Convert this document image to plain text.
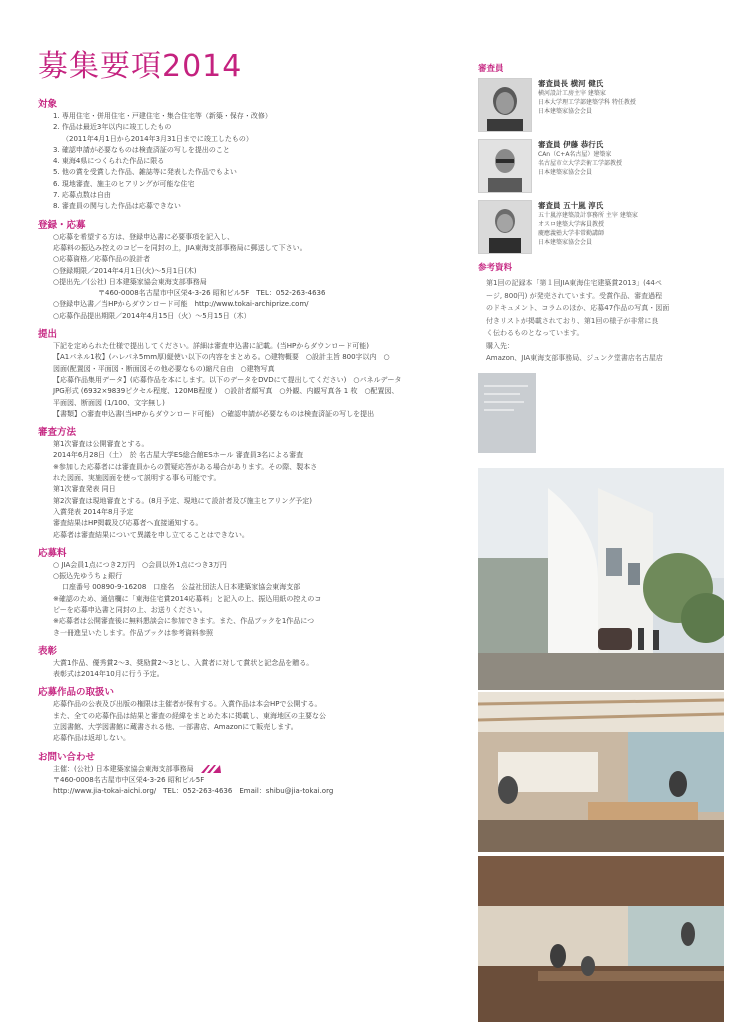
募集要項2014
対象
1. 専用住宅・併用住宅・戸建住宅・集合住宅等（新築・保存・改修）
2. 作品は最近3年以内に竣工したもの
（2011年4月1日から2014年3月31日までに竣工したもの）
3. 確認申請が必要なものは検査済証の写しを提出のこと
4. 東海4県につくられた作品に限る
5. 他の賞を受賞した作品、雑誌等に発表した作品でもよい
6. 現地審査、施主のヒアリングが可能な住宅
7. 応募点数は自由
8. 審査員の関与した作品は応募できない
登録・応募
○応募を希望する方は、登録申込書に必要事項を記入し、
応募料の振込み控えのコピーを同封の上，JIA東海支部事務局に郵送して下さい。
○応募資格／応募作品の設計者
○登録期限／2014年4月1日(火)～5月1日(木)
○提出先／(公社) 日本建築家協会東海支部事務局
〒460-0008名古屋市中区栄4-3-26 昭和ビル5F　TEL：052-263-4636
○登録申込書／当HPからダウンロード可能　http://www.tokai-archiprize.com/
○応募作品提出期限／2014年4月15日（火）～5月15日（木）
提出
下記を定められた仕様で提出してください。詳細は審査申込書に記載。(当HPからダウンロード可能)
【A1パネル1枚】(ハレパネ5mm厚)縦使い以下の内容をまとめる。○建物概要　○設計主旨 800字以内　○
図面(配置図・平面図・断面図その他必要なもの)縮尺自由　○建物写真
【応募作品集用データ】(応募作品を本にします。以下のデータをDVDにて提出してください)　○パネルデータ
JPG形式 (6932×9839ピクセル程度、120MB程度 )　○設計者顔写真　○外観、内観写真各 1 枚　○配置図、
平面図、断面図 (1/100、文字無し)
【書類】○審査申込書(当HPからダウンロード可能)　○確認申請が必要なものは検査済証の写しを提出
審査方法
第1次審査は公開審査とする。
2014年6月28日（土）　於 名古屋大学ES総合館ESホール 審査員3名による審査
※参加した応募者には審査員からの質疑応答がある場合があります。その際、製本さ
れた図面、実施図面を使って説明する事も可能です。
第1次審査発表 同日
第2次審査は現地審査とする。(8月予定、現地にて設計者及び施主ヒアリング予定)
入賞発表 2014年8月予定
審査結果はHP掲載及び応募者へ直接通知する。
応募者は審査結果について異議を申し立てることはできない。
応募料
○ JIA会員1点につき2万円　○会員以外1点につき3万円
○振込先ゆうちょ銀行
口座番号 00890-9-16208　口座名　公益社団法人日本建築家協会東海支部
※確認のため、通信欄に「東海住宅賞2014応募料」と記入の上、振込用紙の控えのコ
ピーを応募申込書と同封の上、お送りください。
※応募者は公開審査後に無料懇談会に参加できます。また、作品ブックを1作品につ
き一冊進呈いたします。作品ブックは参考資料参照
表彰
大賞1作品、優秀賞2～3、奨励賞2～3とし、入賞者に対して賞状と記念品を贈る。
表彰式は2014年10月に行う予定。
応募作品の取扱い
応募作品の公表及び出版の権限は主催者が保有する。入賞作品は本会HPで公開する。
また、全ての応募作品は結果と審査の経緯をまとめた本に掲載し、東海地区の主要な公
立図書館、大学図書館に蔵書される他、一部書店、Amazonにて販売します。
応募作品は返却しない。
お問い合わせ
主催：(公社) 日本建築家協会東海支部事務局
〒460-0008名古屋市中区栄4-3-26 昭和ビル5F
http://www.jia-tokai-aichi.org/　TEL：052-263-4636　Email：shibu@jia-tokai.org
審査員
審査員長 横河 健氏
横河設計工房主宰 建築家
日本大学理工学部建築学科 特任教授
日本建築家協会会員
審査員 伊藤 恭行氏
CAn（C+A名古屋）建築家
名古屋市立大学芸術工学部教授
日本建築家協会会員
審査員 五十嵐 淳氏
五十嵐淳建築設計事務所 主宰 建築家
オスロ建築大学客員教授
慶應義塾大学非常勤講師
日本建築家協会会員
参考資料
第1回の記録本「第１回JIA東海住宅建築賞2013」(44ペ
ージ, 800円) が発売されています。受賞作品、審査過程
のドキュメント、コラムのほか、応募47作品の写真・図面
付きリストが掲載されており、第1回の様子が非常に良
く伝わるものとなっています。
購入先：
Amazon、JIA東海支部事務局、ジュンク堂書店名古屋店
